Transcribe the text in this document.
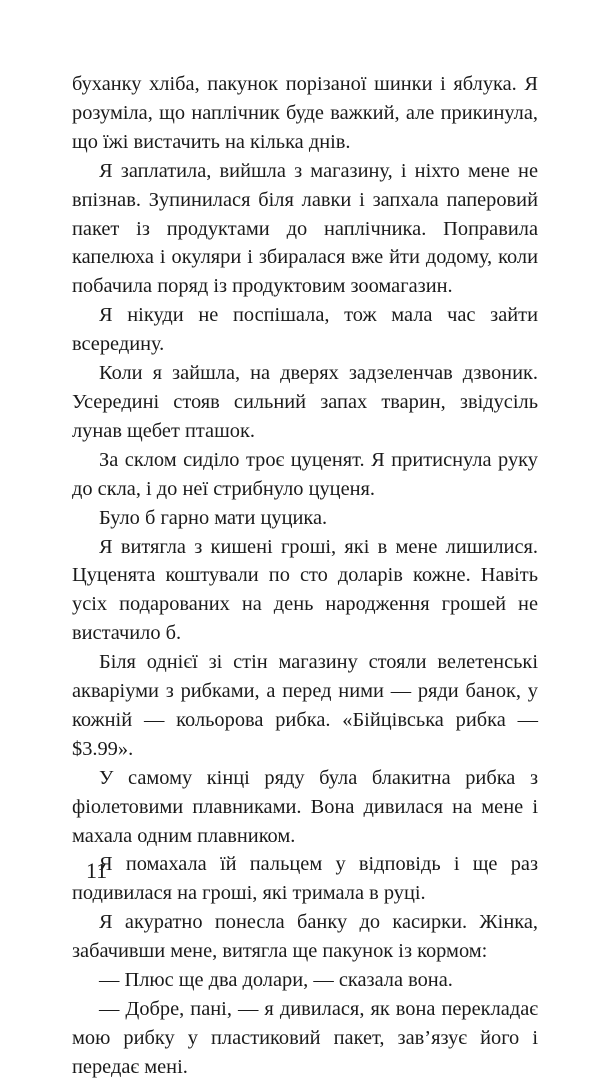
буханку хліба, пакунок порізаної шинки і яблука. Я розуміла, що наплічник буде важкий, але прикинула, що їжі вистачить на кілька днів.

Я заплатила, вийшла з магазину, і ніхто мене не впізнав. Зупинилася біля лавки і запхала паперовий пакет із продуктами до наплічника. Поправила капелюха і окуляри і збиралася вже йти додому, коли побачила поряд із продуктовим зоомагазин.

Я нікуди не поспішала, тож мала час зайти всередину.

Коли я зайшла, на дверях задзеленчав дзвоник. Усередині стояв сильний запах тварин, звідусіль лунав щебет пташок.

За склом сиділо троє цуценят. Я притиснула руку до скла, і до неї стрибнуло цуценя.

Було б гарно мати цуцика.

Я витягла з кишені гроші, які в мене лишилися. Цуценята коштували по сто доларів кожне. Навіть усіх подарованих на день народження грошей не вистачило б.

Біля однієї зі стін магазину стояли велетенські акваріуми з рибками, а перед ними — ряди банок, у кожній — кольорова рибка. «Бійцівська рибка — $3.99».

У самому кінці ряду була блакитна рибка з фіолетовими плавниками. Вона дивилася на мене і махала одним плавником.

Я помахала їй пальцем у відповідь і ще раз подивилася на гроші, які тримала в руці.

Я акуратно понесла банку до касирки. Жінка, забачивши мене, витягла ще пакунок із кормом:

— Плюс ще два долари, — сказала вона.

— Добре, пані, — я дивилася, як вона перекладає мою рибку у пластиковий пакет, зав’язує його і передає мені.

11
